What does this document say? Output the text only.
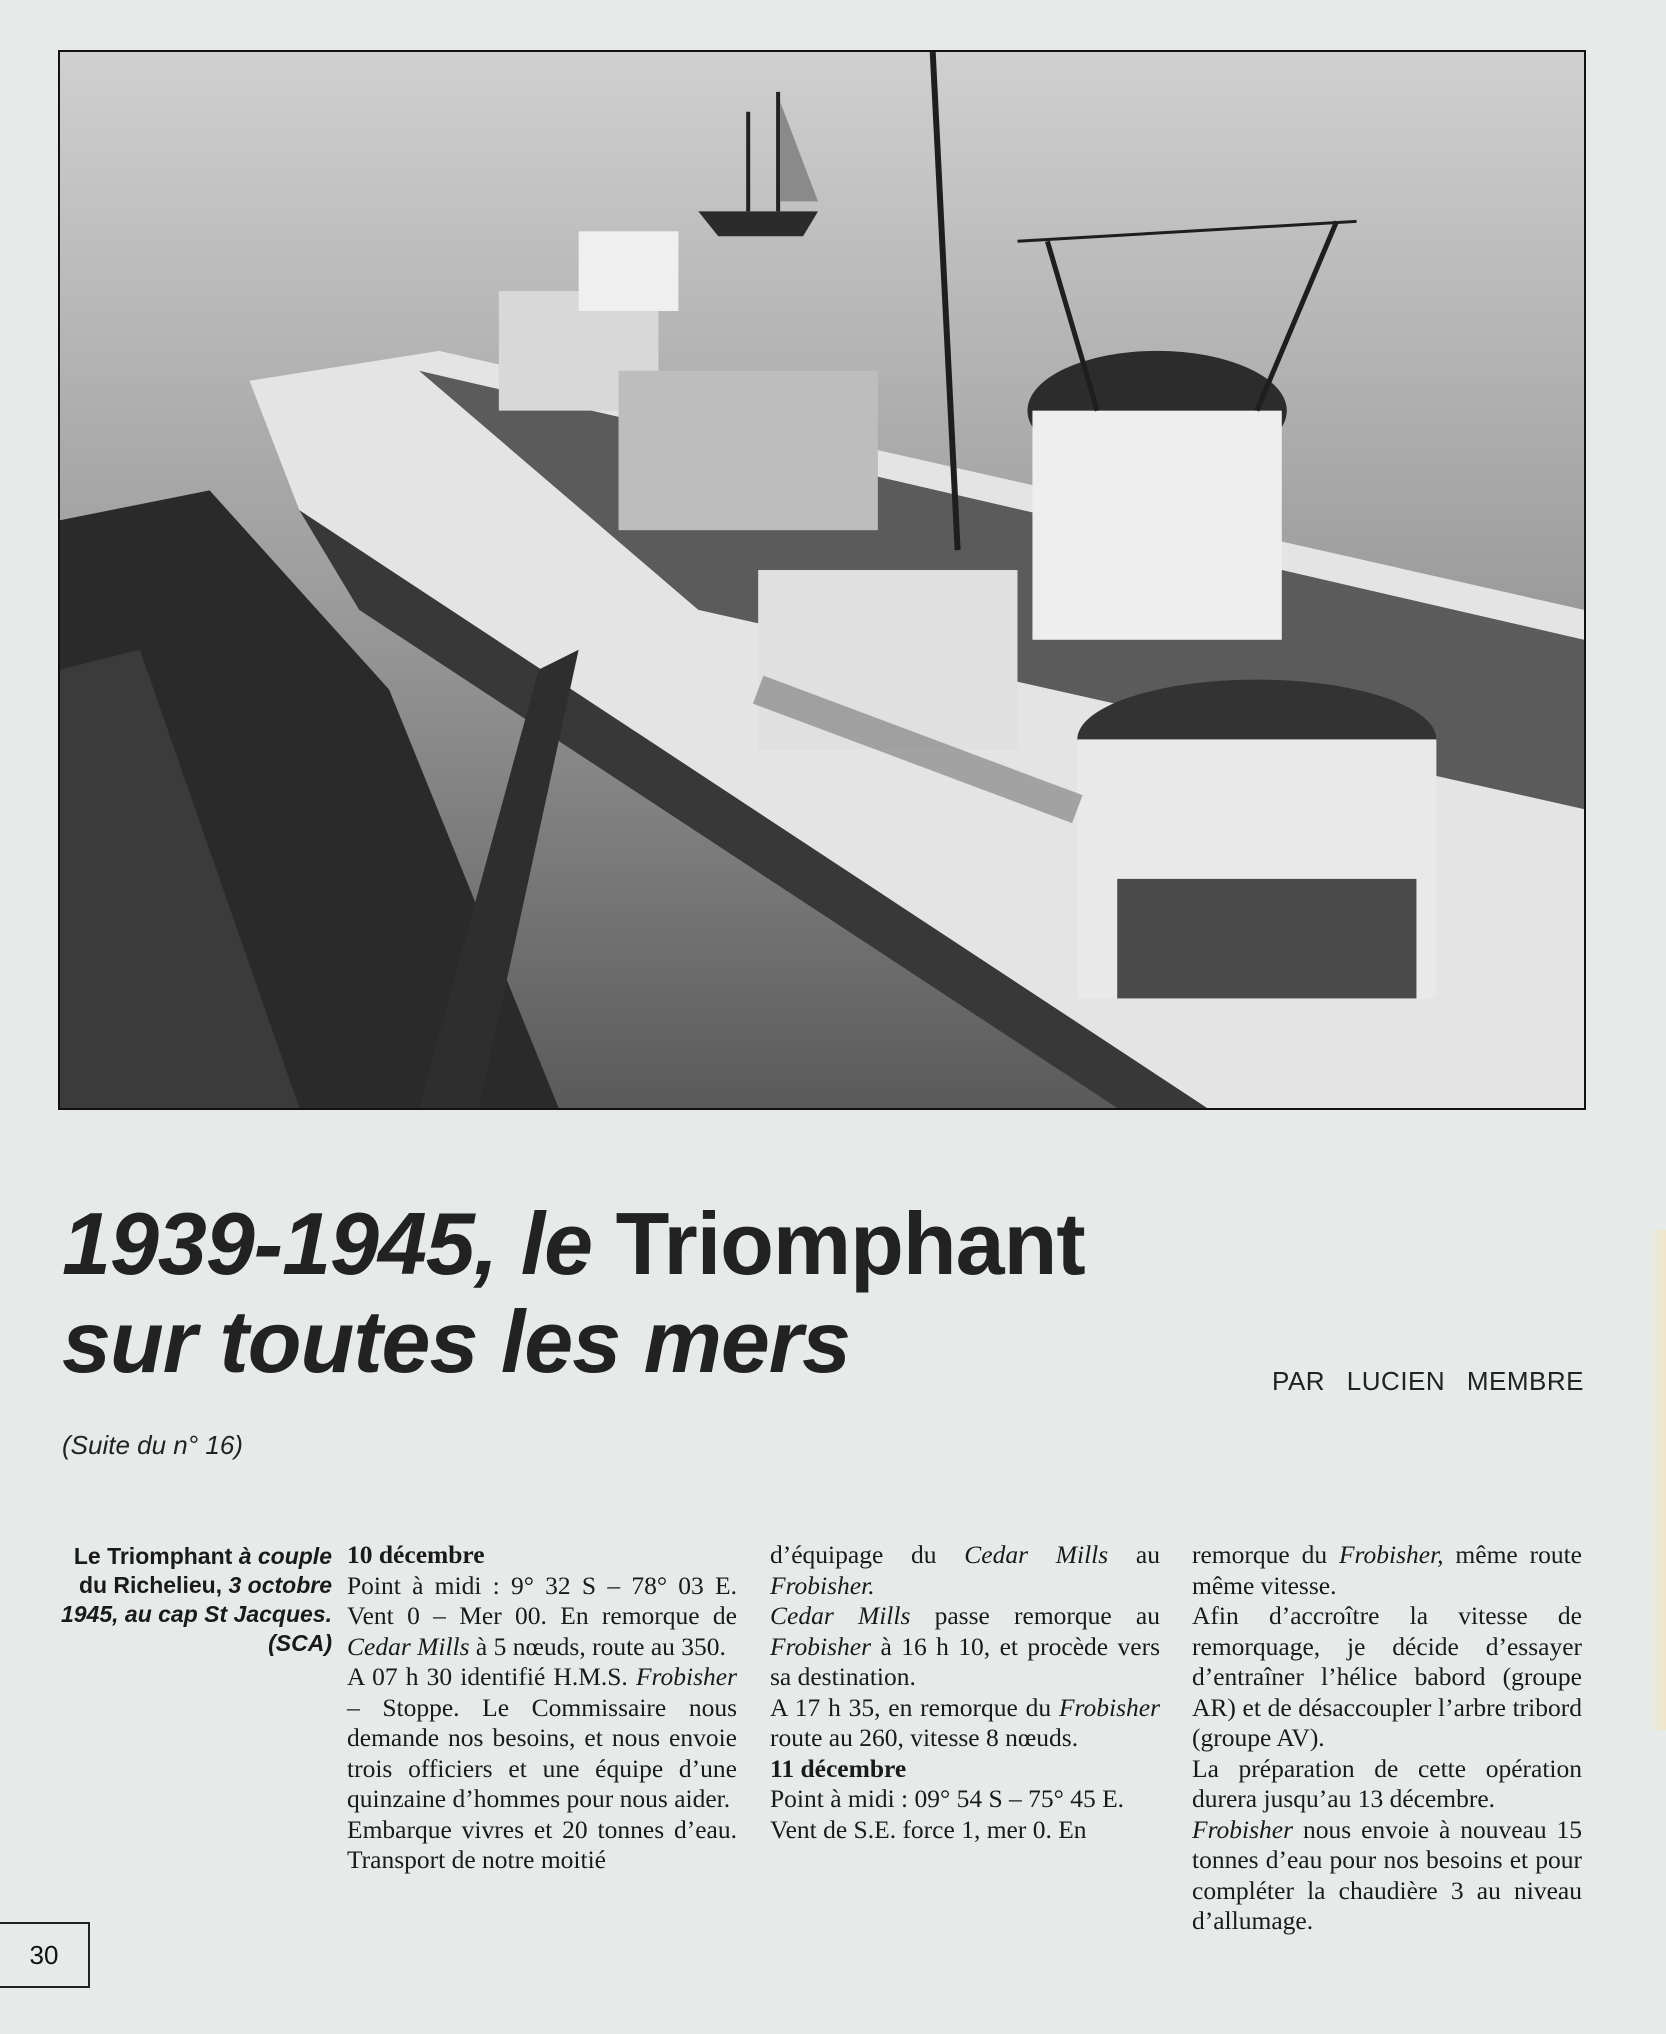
1939-1945, le Triomphant
sur toutes les mers	PAR LUCIEN MEMBRE
(Suite du n° 16)
Le Triomphant à couple
du Richelieu, 3 octobre 1945, au cap St Jacques. (SCA)

10 décembre

Point à midi : 9° 32 S – 78° 03 E. Vent 0 – Mer 00. En remorque de Cedar Mills à 5 nœuds, route au 350.

A 07 h 30 identifié H.M.S. Frobisher – Stoppe. Le Commissaire nous demande nos besoins, et nous envoie trois officiers et une équipe d’une quinzaine d’hommes pour nous aider.

Embarque vivres et 20 tonnes d’eau. Transport de notre moitié

d’équipage du Cedar Mills au Frobisher.

Cedar Mills passe remorque au Frobisher à 16 h 10, et procède vers sa destination.

A 17 h 35, en remorque du Frobisher route au 260, vitesse 8 nœuds.

11 décembre

Point à midi : 09° 54 S – 75° 45 E.

Vent de S.E. force 1, mer 0. En

remorque du Frobisher, même route même vitesse.

Afin d’accroître la vitesse de remorquage, je décide d’essayer d’entraîner l’hélice babord (groupe AR) et de désaccoupler l’arbre tribord (groupe AV).

La préparation de cette opération durera jusqu’au 13 décembre.

Frobisher nous envoie à nouveau 15 tonnes d’eau pour nos besoins et pour compléter la chaudière 3 au niveau d’allumage.

30
